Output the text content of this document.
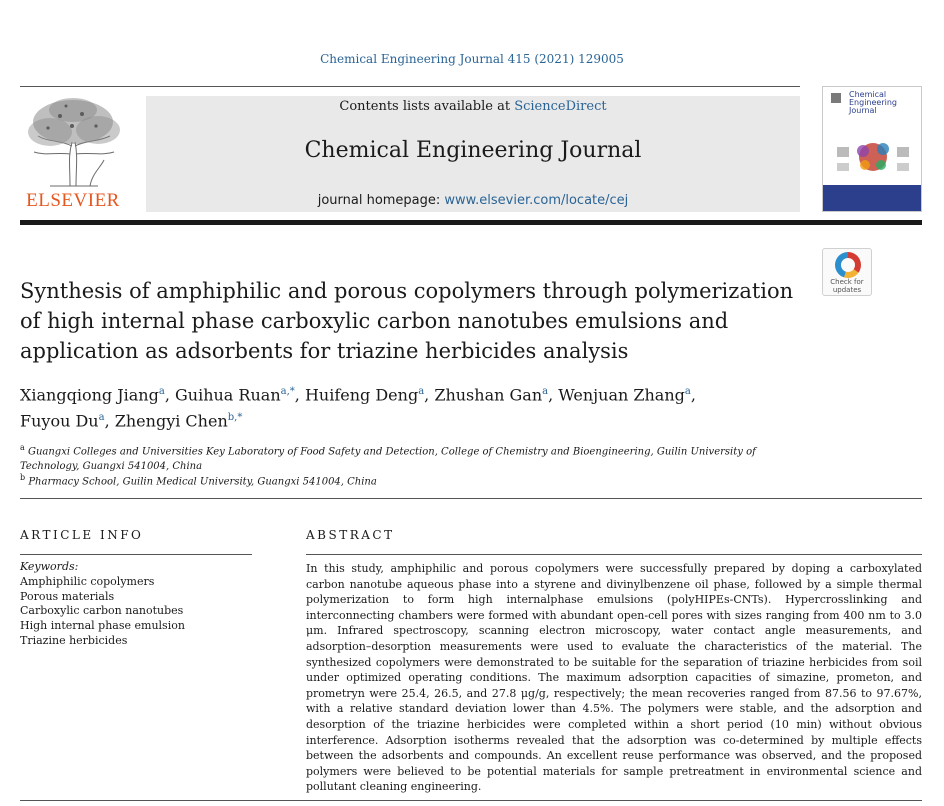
Chemical Engineering Journal 415 (2021) 129005
ELSEVIER
Contents lists available at ScienceDirect
Chemical Engineering Journal
journal homepage: www.elsevier.com/locate/cej
Chemical
Engineering
Journal
Check for
updates
Synthesis of amphiphilic and porous copolymers through polymerization of high internal phase carboxylic carbon nanotubes emulsions and application as adsorbents for triazine herbicides analysis
Xiangqiong Jiang$^a$, Guihua Ruan$^{a,*}$, Huifeng Deng$^a$, Zhushan Gan$^a$, Wenjuan Zhang$^a$,
Fuyou Du$^a$, Zhengyi Chen$^{b,*}$
$^a$ Guangxi Colleges and Universities Key Laboratory of Food Safety and Detection, College of Chemistry and Bioengineering, Guilin University of Technology, Guangxi 541004, China
$^b$ Pharmacy School, Guilin Medical University, Guangxi 541004, China
ARTICLE INFO
Keywords:
Amphiphilic copolymers
Porous materials
Carboxylic carbon nanotubes
High internal phase emulsion
Triazine herbicides
ABSTRACT
In this study, amphiphilic and porous copolymers were successfully prepared by doping a carboxylated carbon nanotube aqueous phase into a styrene and divinylbenzene oil phase, followed by a simple thermal polymerization to form high internalphase emulsions (polyHIPEs-CNTs). Hypercrosslinking and interconnecting chambers were formed with abundant open-cell pores with sizes ranging from 400 nm to 3.0 μm. Infrared spectroscopy, scanning electron microscopy, water contact angle measurements, and adsorption–desorption measurements were used to evaluate the characteristics of the material. The synthesized copolymers were demonstrated to be suitable for the separation of triazine herbicides from soil under optimized operating conditions. The maximum adsorption capacities of simazine, prometon, and prometryn were 25.4, 26.5, and 27.8 μg/g, respectively; the mean recoveries ranged from 87.56 to 97.67%, with a relative standard deviation lower than 4.5%. The polymers were stable, and the adsorption and desorption of the triazine herbicides were completed within a short period (10 min) without obvious interference. Adsorption isotherms revealed that the adsorption was co-determined by multiple effects between the adsorbents and compounds. An excellent reuse performance was observed, and the proposed polymers were believed to be potential materials for sample pretreatment in environmental science and pollutant cleaning engineering.
